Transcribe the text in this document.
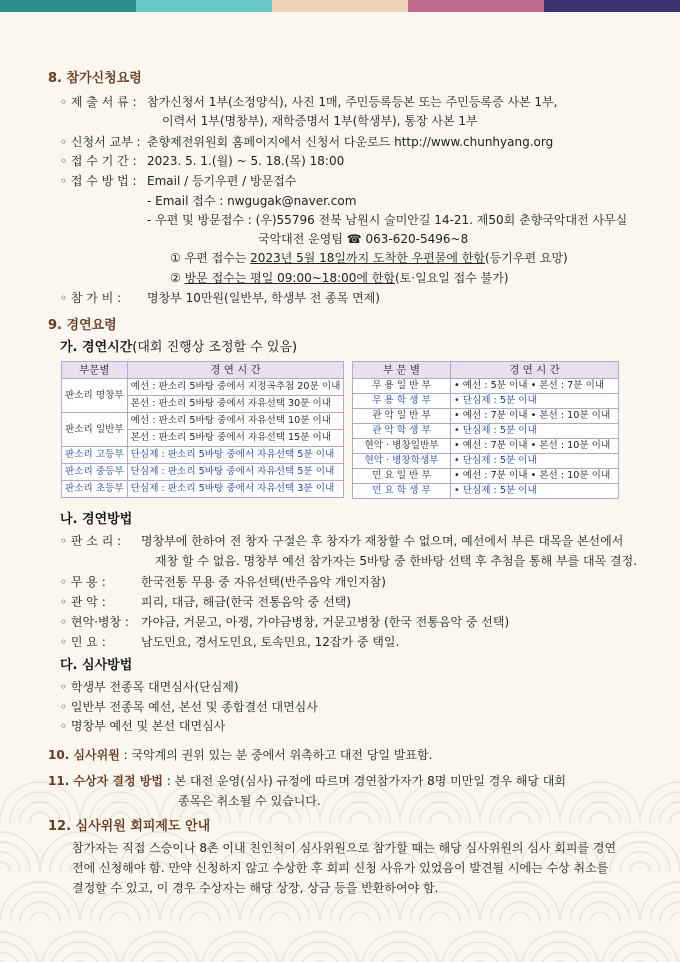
8. 참가신청요령
◦ 제 출 서 류 : 참가신청서 1부(소정양식), 사진 1매, 주민등록등본 또는 주민등록증 사본 1부,
이력서 1부(명창부), 재학증명서 1부(학생부), 통장 사본 1부
◦ 신청서 교부 : 춘향제전위원회 홈페이지에서 신청서 다운로드 http://www.chunhyang.org
◦ 접 수 기 간 : 2023. 5. 1.(월) ~ 5. 18.(목) 18:00
◦ 접 수 방 법 : Email / 등기우편 / 방문접수
- Email 접수 : nwgugak@naver.com
- 우편 및 방문접수 : (우)55796 전북 남원시 술미안길 14-21. 제50회 춘향국악대전 사무실
국악대전 운영팀 ☎ 063-620-5496~8
① 우편 접수는 2023년 5월 18일까지 도착한 우편물에 한함(등기우편 요망)
② 방문 접수는 평일 09:00~18:00에 한함(토·일요일 접수 불가)
◦ 참 가 비 : 명창부 10만원(일반부, 학생부 전 종목 면제)
9. 경연요령
가. 경연시간(대회 진행상 조정할 수 있음)
부문별	경 연 시 간
판소리 명창부	예선 : 판소리 5바탕 중에서 지정곡추첨 20분 이내
	본선 : 판소리 5바탕 중에서 자유선택 30분 이내
판소리 일반부	예선 : 판소리 5바탕 중에서 자유선택 10분 이내
	본선 : 판소리 5바탕 중에서 자유선택 15분 이내
판소리 고등부	단심제 : 판소리 5바탕 중에서 자유선택 5분 이내
판소리 중등부	단심제 : 판소리 5바탕 중에서 자유선택 5분 이내
판소리 초등부	단심제 : 판소리 5바탕 중에서 자유선택 3분 이내
부 문 별	경 연 시 간
무 용 일 반 부	• 예선 : 5분 이내 • 본선 : 7분 이내
무 용 학 생 부	• 단심제 : 5분 이내
관 악 일 반 부	• 예선 : 7분 이내 • 본선 : 10분 이내
관 악 학 생 부	• 단심제 : 5분 이내
현악 · 병창일반부	• 예선 : 7분 이내 • 본선 : 10분 이내
현악 · 병창학생부	• 단심제 : 5분 이내
민 요 일 반 부	• 예선 : 7분 이내 • 본선 : 10분 이내
민 요 학 생 부	• 단심제 : 5분 이내
나. 경연방법
◦ 판 소 리 : 명창부에 한하여 전 창자 구절은 후 창자가 재창할 수 없으며, 예선에서 부른 대목을 본선에서
재창 할 수 없음. 명창부 예선 참가자는 5바탕 중 한바탕 선택 후 추첨을 통해 부를 대목 결정.
◦ 무 용 :	한국전통 무용 중 자유선택(반주음악 개인지참)
◦ 관 악 :	피리, 대금, 해금(한국 전통음악 중 선택)
◦ 현악·병창 : 가야금, 거문고, 아쟁, 가야금병창, 거문고병창 (한국 전통음악 중 선택)
◦ 민 요 :	남도민요, 경서도민요, 토속민요, 12잡가 중 택일.
다. 심사방법
◦ 학생부 전종목 대면심사(단심제)
◦ 일반부 전종목 예선, 본선 및 종합결선 대면심사
◦ 명창부 예선 및 본선 대면심사
10. 심사위원 : 국악계의 권위 있는 분 중에서 위촉하고 대전 당일 발표함.
11. 수상자 결정 방법 : 본 대전 운영(심사) 규정에 따르며 경연참가자가 8명 미만일 경우 해당 대회
종목은 취소될 수 있습니다.
12. 심사위원 회피제도 안내
참가자는 직접 스승이나 8촌 이내 친인척이 심사위원으로 참가할 때는 해당 심사위원의 심사 회피를 경연
전에 신청해야 함. 만약 신청하지 않고 수상한 후 회피 신청 사유가 있었음이 발견될 시에는 수상 취소를
결정할 수 있고, 이 경우 수상자는 해당 상장, 상금 등을 반환하여야 함.
